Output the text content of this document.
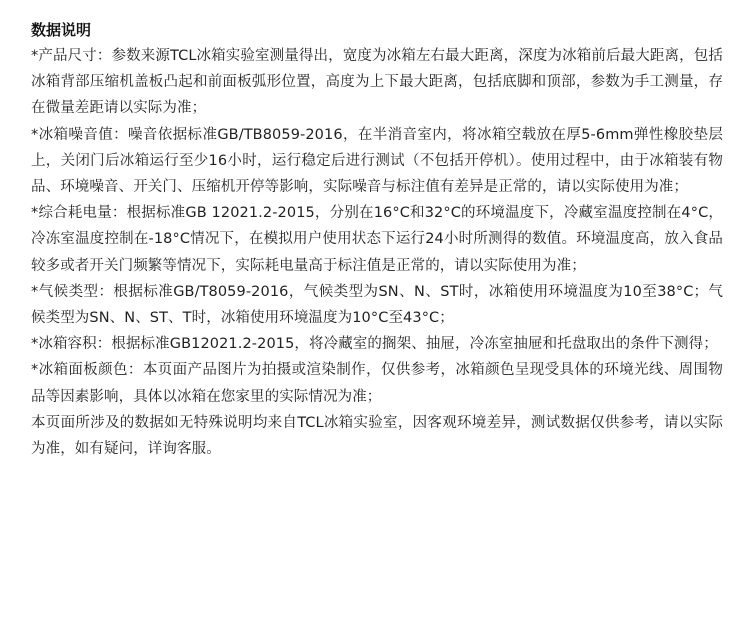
数据说明

*产品尺寸：参数来源TCL冰箱实验室测量得出，宽度为冰箱左右最大距离，深度为冰箱前后最大距离，包括冰箱背部压缩机盖板凸起和前面板弧形位置，高度为上下最大距离，包括底脚和顶部，参数为手工测量，存在微量差距请以实际为准；

*冰箱噪音值：噪音依据标准GB/TB8059-2016，在半消音室内，将冰箱空载放在厚5-6mm弹性橡胶垫层上，关闭门后冰箱运行至少16小时，运行稳定后进行测试（不包括开停机）。使用过程中，由于冰箱装有物品、环境噪音、开关门、压缩机开停等影响，实际噪音与标注值有差异是正常的，请以实际使用为准；

*综合耗电量：根据标准GB 12021.2-2015，分别在16°C和32°C的环境温度下，冷藏室温度控制在4°C，冷冻室温度控制在-18°C情况下，在模拟用户使用状态下运行24小时所测得的数值。环境温度高，放入食品较多或者开关门频繁等情况下，实际耗电量高于标注值是正常的，请以实际使用为准；

*气候类型：根据标准GB/T8059-2016，气候类型为SN、N、ST时，冰箱使用环境温度为10至38°C；气候类型为SN、N、ST、T时，冰箱使用环境温度为10°C至43°C；

*冰箱容积：根据标准GB12021.2-2015，将冷藏室的搁架、抽屉，冷冻室抽屉和托盘取出的条件下测得；

*冰箱面板颜色：本页面产品图片为拍摄或渲染制作，仅供参考，冰箱颜色呈现受具体的环境光线、周围物品等因素影响，具体以冰箱在您家里的实际情况为准；

本页面所涉及的数据如无特殊说明均来自TCL冰箱实验室，因客观环境差异，测试数据仅供参考，请以实际为准，如有疑问，详询客服。
